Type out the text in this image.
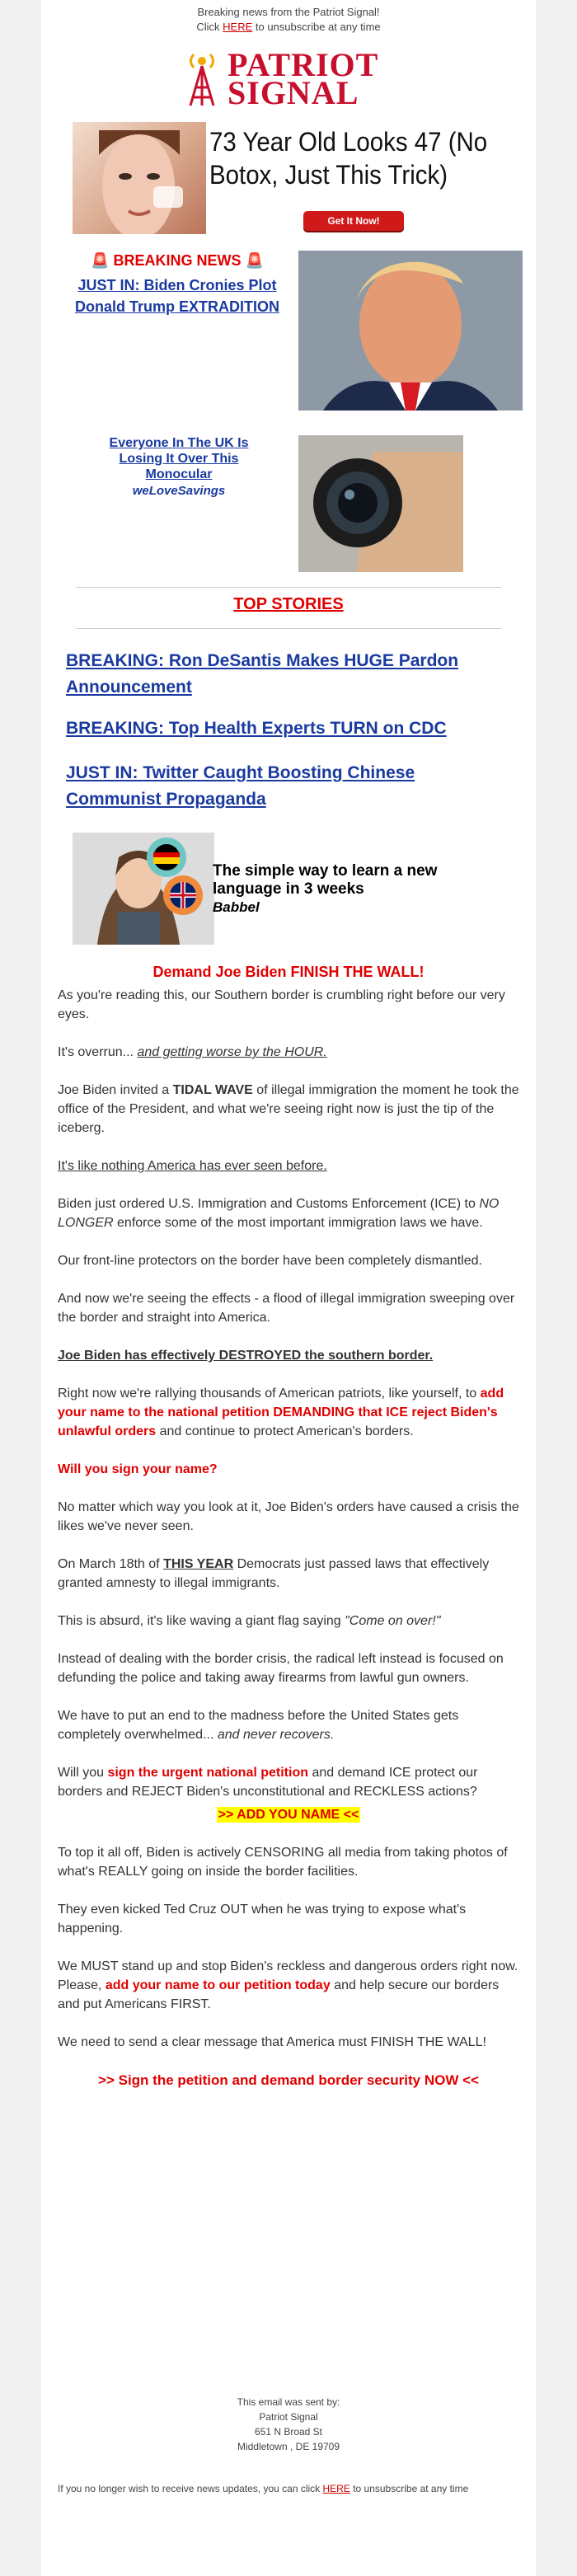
Breaking news from the Patriot Signal!
Click HERE to unsubscribe at any time
PATRIOT
SIGNAL
73 Year Old Looks 47 (No Botox, Just This Trick)
Get It Now!
🚨 BREAKING NEWS 🚨
JUST IN: Biden Cronies Plot Donald Trump EXTRADITION
Everyone In The UK Is Losing It Over This Monocular
weLoveSavings
TOP STORIES
BREAKING: Ron DeSantis Makes HUGE Pardon Announcement
BREAKING: Top Health Experts TURN on CDC
JUST IN: Twitter Caught Boosting Chinese Communist Propaganda
The simple way to learn a new language in 3 weeks
Babbel
Demand Joe Biden FINISH THE WALL!

As you're reading this, our Southern border is crumbling right before our very eyes.

It's overrun... and getting worse by the HOUR.

Joe Biden invited a TIDAL WAVE of illegal immigration the moment he took the office of the President, and what we're seeing right now is just the tip of the iceberg.

It's like nothing America has ever seen before.

Biden just ordered U.S. Immigration and Customs Enforcement (ICE) to NO LONGER enforce some of the most important immigration laws we have.

Our front-line protectors on the border have been completely dismantled.

And now we're seeing the effects - a flood of illegal immigration sweeping over the border and straight into America.

Joe Biden has effectively DESTROYED the southern border.

Right now we're rallying thousands of American patriots, like yourself, to add your name to the national petition DEMANDING that ICE reject Biden's unlawful orders and continue to protect American's borders.

Will you sign your name?

No matter which way you look at it, Joe Biden's orders have caused a crisis the likes we've never seen.

On March 18th of THIS YEAR Democrats just passed laws that effectively granted amnesty to illegal immigrants.

This is absurd, it's like waving a giant flag saying "Come on over!"

Instead of dealing with the border crisis, the radical left instead is focused on defunding the police and taking away firearms from lawful gun owners.

We have to put an end to the madness before the United States gets completely overwhelmed... and never recovers.

Will you sign the urgent national petition and demand ICE protect our borders and REJECT Biden's unconstitutional and RECKLESS actions?

>> ADD YOU NAME <<

To top it all off, Biden is actively CENSORING all media from taking photos of what's REALLY going on inside the border facilities.

They even kicked Ted Cruz OUT when he was trying to expose what's happening.

We MUST stand up and stop Biden's reckless and dangerous orders right now. Please, add your name to our petition today and help secure our borders and put Americans FIRST.

We need to send a clear message that America must FINISH THE WALL!

>> Sign the petition and demand border security NOW <<
This email was sent by:
Patriot Signal
651 N Broad St
Middletown , DE 19709
If you no longer wish to receive news updates, you can click HERE to unsubscribe at any time
